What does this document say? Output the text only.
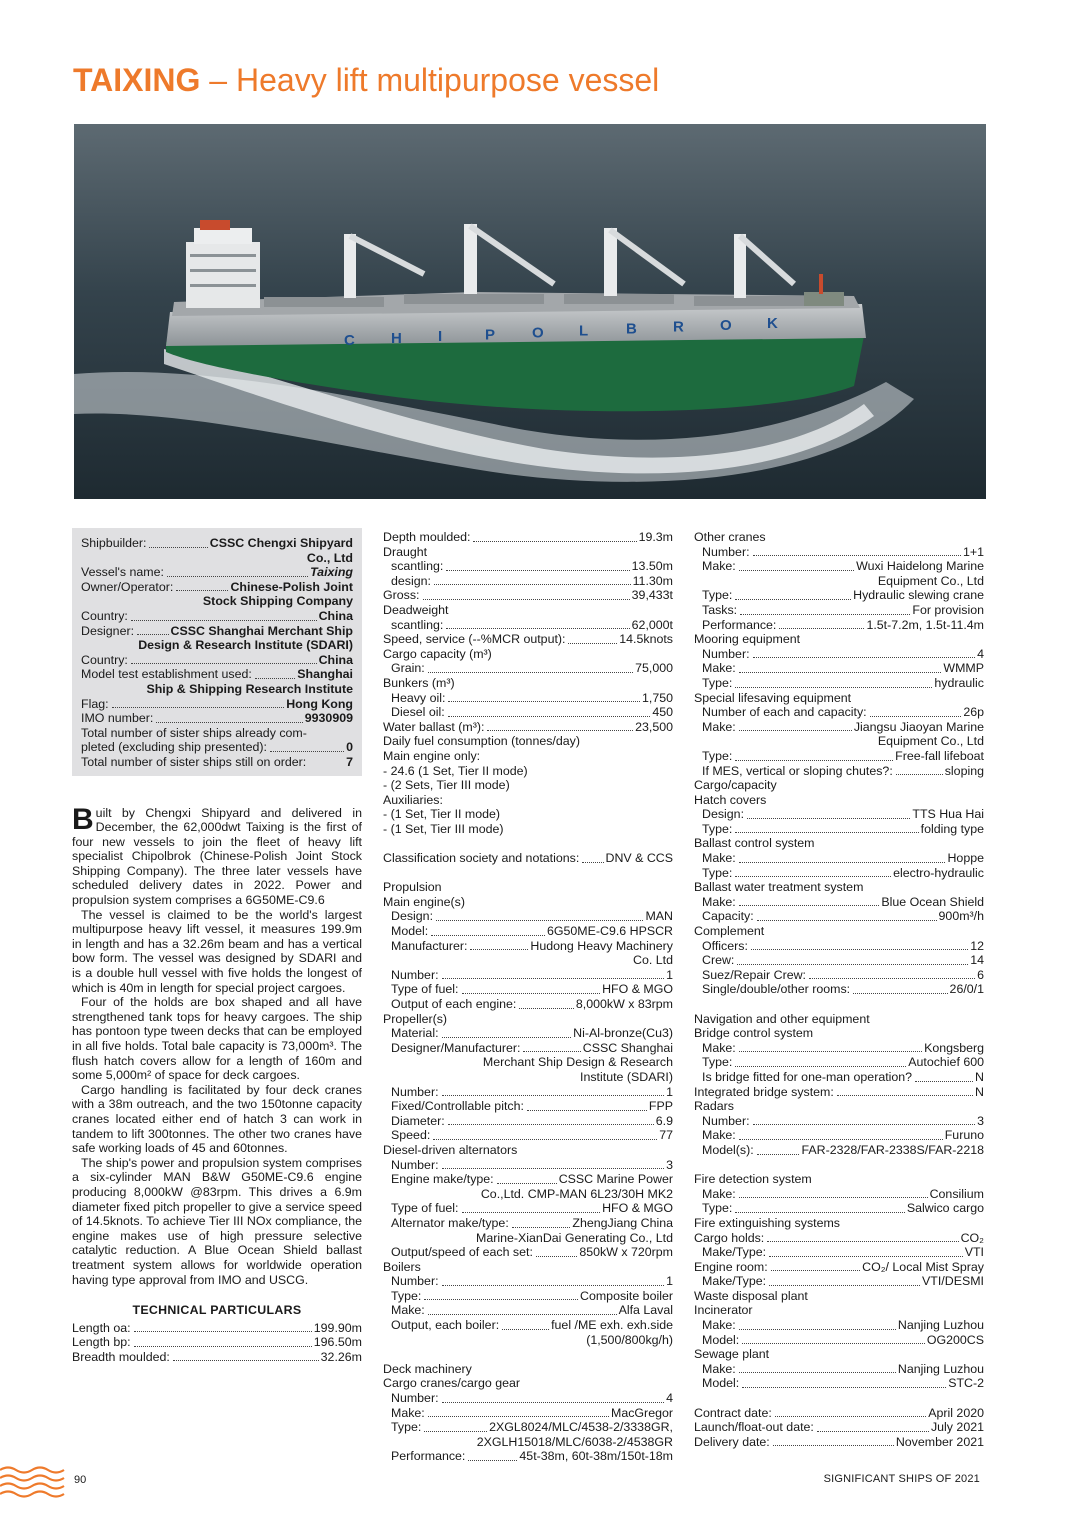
TAIXING – Heavy lift multipurpose vessel
C H I	P O L	B R O K
Shipbuilder:	CSSC Chengxi Shipyard
Co., Ltd
Vessel's name:	Taixing
Owner/Operator:	Chinese-Polish Joint
Stock Shipping Company
Country:	China
Designer:	CSSC Shanghai Merchant Ship
Design & Research Institute (SDARI)
Country:	China
Model test establishment used:	Shanghai
Ship & Shipping Research Institute
Flag:	Hong Kong
IMO number:	9930909
Total number of sister ships already com-
pleted (excluding ship presented):	0
Total number of sister ships still on order:	7

Built by Chengxi Shipyard and delivered in December, the 62,000dwt Taixing is the first of four new vessels to join the fleet of heavy lift specialist Chipolbrok (Chinese-Polish Joint Stock Shipping Company). The three later vessels have scheduled delivery dates in 2022. Power and propulsion system comprises a 6G50ME-C9.6

The vessel is claimed to be the world's largest multipurpose heavy lift vessel, it measures 199.9m in length and has a 32.26m beam and has a vertical bow form. The vessel was designed by SDARI and is a double hull vessel with five holds the longest of which is 40m in length for special project cargoes.

Four of the holds are box shaped and all have strengthened tank tops for heavy cargoes. The ship has pontoon type tween decks that can be employed in all five holds. Total bale capacity is 73,000m³. The flush hatch covers allow for a length of 160m and some 5,000m² of space for deck cargoes.

Cargo handling is facilitated by four deck cranes with a 38m outreach, and the two 150tonne capacity cranes located either end of hatch 3 can work in tandem to lift 300tonnes. The other two cranes have safe working loads of 45 and 60tonnes.

The ship's power and propulsion system comprises a six-cylinder MAN B&W G50ME-C9.6 engine producing 8,000kW @83rpm. This drives a 6.9m diameter fixed pitch propeller to give a service speed of 14.5knots. To achieve Tier III NOx compliance, the engine makes use of high pressure selective catalytic reduction. A Blue Ocean Shield ballast treatment system allows for worldwide operation having type approval from IMO and USCG.

TECHNICAL PARTICULARS
Length oa:	199.90m
Length bp:	196.50m
Breadth moulded:	32.26m
Depth moulded:	19.3m
Draught
scantling:	13.50m
design:	11.30m
Gross:	39,433t
Deadweight
scantling:	62,000t
Speed, service (--%MCR output):	14.5knots
Cargo capacity (m³)
Grain:	75,000
Bunkers (m³)
Heavy oil:	1,750
Diesel oil:	450
Water ballast (m³):	23,500
Daily fuel consumption (tonnes/day)
Main engine only:
- 24.6 (1 Set, Tier II mode)
- (2 Sets, Tier III mode)
Auxiliaries:
- (1 Set, Tier II mode)
- (1 Set, Tier III mode)
Classification society and notations: DNV & CCS
Propulsion
Main engine(s)
Design:	MAN
Model:	6G50ME-C9.6 HPSCR
Manufacturer:	Hudong Heavy Machinery
Co. Ltd
Number:	1
Type of fuel:	HFO & MGO
Output of each engine:	8,000kW x 83rpm
Propeller(s)
Material:	Ni-Al-bronze(Cu3)
Designer/Manufacturer:	CSSC Shanghai
Merchant Ship Design & Research
Institute (SDARI)
Number:	1
Fixed/Controllable pitch:	FPP
Diameter:	6.9
Speed:	77
Diesel-driven alternators
Number:	3
Engine make/type:	CSSC Marine Power
Co.,Ltd. CMP-MAN 6L23/30H MK2
Type of fuel:	HFO & MGO
Alternator make/type:	ZhengJiang China
Marine-XianDai Generating Co., Ltd
Output/speed of each set:	850kW x 720rpm
Boilers
Number:	1
Type:	Composite boiler
Make:	Alfa Laval
Output, each boiler:	fuel /ME exh. exh.side
(1,500/800kg/h)
Deck machinery
Cargo cranes/cargo gear
Number:	4
Make:	MacGregor
Type:	2XGL8024/MLC/4538-2/3338GR,
2XGLH15018/MLC/6038-2/4538GR
Performance:	45t-38m, 60t-38m/150t-18m
Other cranes
Number:	1+1
Make:	Wuxi Haidelong Marine
Equipment Co., Ltd
Type:	Hydraulic slewing crane
Tasks:	For provision
Performance:	1.5t-7.2m, 1.5t-11.4m
Mooring equipment
Number:	4
Make:	WMMP
Type:	hydraulic
Special lifesaving equipment
Number of each and capacity:	26p
Make:	Jiangsu Jiaoyan Marine
Equipment Co., Ltd
Type:	Free-fall lifeboat
If MES, vertical or sloping chutes?:	sloping
Cargo/capacity
Hatch covers
Design:	TTS Hua Hai
Type:	folding type
Ballast control system
Make:	Hoppe
Type:	electro-hydraulic
Ballast water treatment system
Make:	Blue Ocean Shield
Capacity:	900m³/h
Complement
Officers:	12
Crew:	14
Suez/Repair Crew:	6
Single/double/other rooms:	26/0/1
Navigation and other equipment
Bridge control system
Make:	Kongsberg
Type:	Autochief 600
Is bridge fitted for one-man operation?	N
Integrated bridge system:	N
Radars
Number:	3
Make:	Furuno
Model(s):	FAR-2328/FAR-2338S/FAR-2218
Fire detection system
Make:	Consilium
Type:	Salwico cargo
Fire extinguishing systems
Cargo holds:	CO₂
Make/Type:	VTI
Engine room:	CO₂/ Local Mist Spray
Make/Type:	VTI/DESMI
Waste disposal plant
Incinerator
Make:	Nanjing Luzhou
Model:	OG200CS
Sewage plant
Make:	Nanjing Luzhou
Model:	STC-2
Contract date:	April 2020
Launch/float-out date:	July 2021
Delivery date:	November 2021
90	SIGNIFICANT SHIPS OF 2021
